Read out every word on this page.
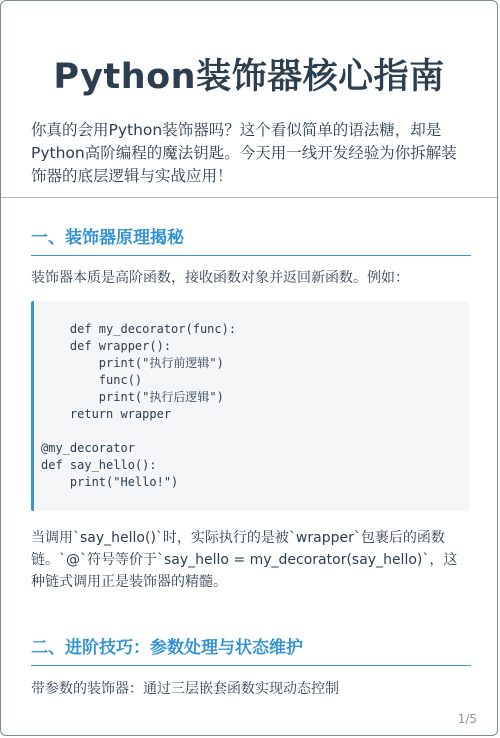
Python装饰器核心指南

你真的会用Python装饰器吗？这个看似简单的语法糖，却是Python高阶编程的魔法钥匙。今天用一线开发经验为你拆解装饰器的底层逻辑与实战应用！

一、装饰器原理揭秘

装饰器本质是高阶函数，接收函数对象并返回新函数。例如：

def my_decorator(func):
def wrapper():
print("执行前逻辑")
func()
print("执行后逻辑")
return wrapper

@my_decorator
def say_hello():
print("Hello!")

当调用`say_hello()`时，实际执行的是被`wrapper`包裹后的函数链。`@`符号等价于`say_hello = my_decorator(say_hello)`，这种链式调用正是装饰器的精髓。

二、进阶技巧：参数处理与状态维护

带参数的装饰器：通过三层嵌套函数实现动态控制

1/5
